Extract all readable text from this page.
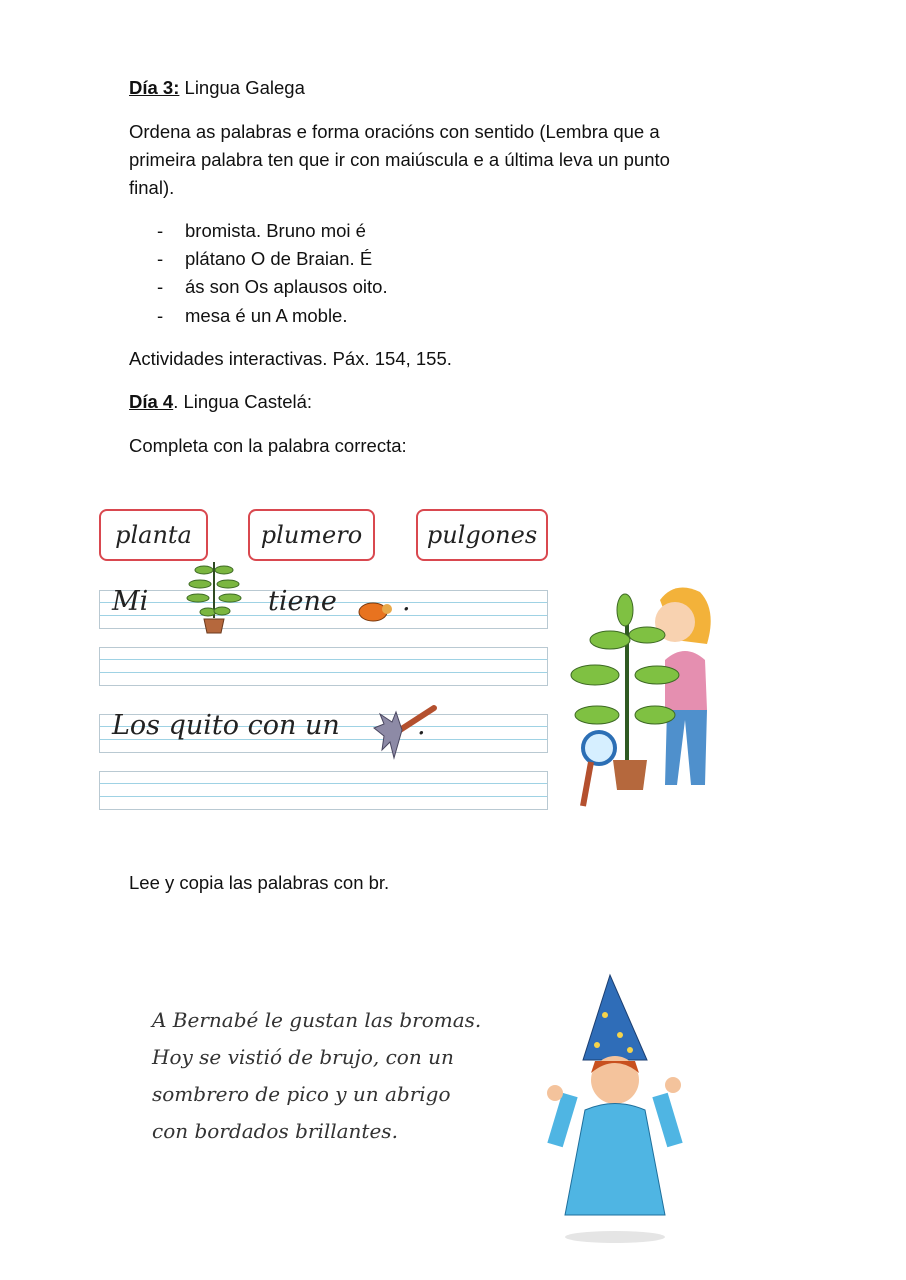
Día 3: Lingua Galega
Ordena as palabras e forma oracións con sentido (Lembra que a
primeira palabra ten que ir con maiúscula e a última leva un punto
final).
- bromista. Bruno moi é
- plátano O de Braian. É
- ás son Os aplausos oito.
- mesa é un A moble.
Actividades interactivas. Páx. 154, 155.
Día 4. Lingua Castelá:
Completa con la palabra correcta:
planta	plumero	pulgones
Mi	tiene .
Los quito con un	.
Lee y copia las palabras con br.
A Bernabé le gustan las bromas.
Hoy se vistió de brujo, con un
sombrero de pico y un abrigo
con bordados brillantes.
